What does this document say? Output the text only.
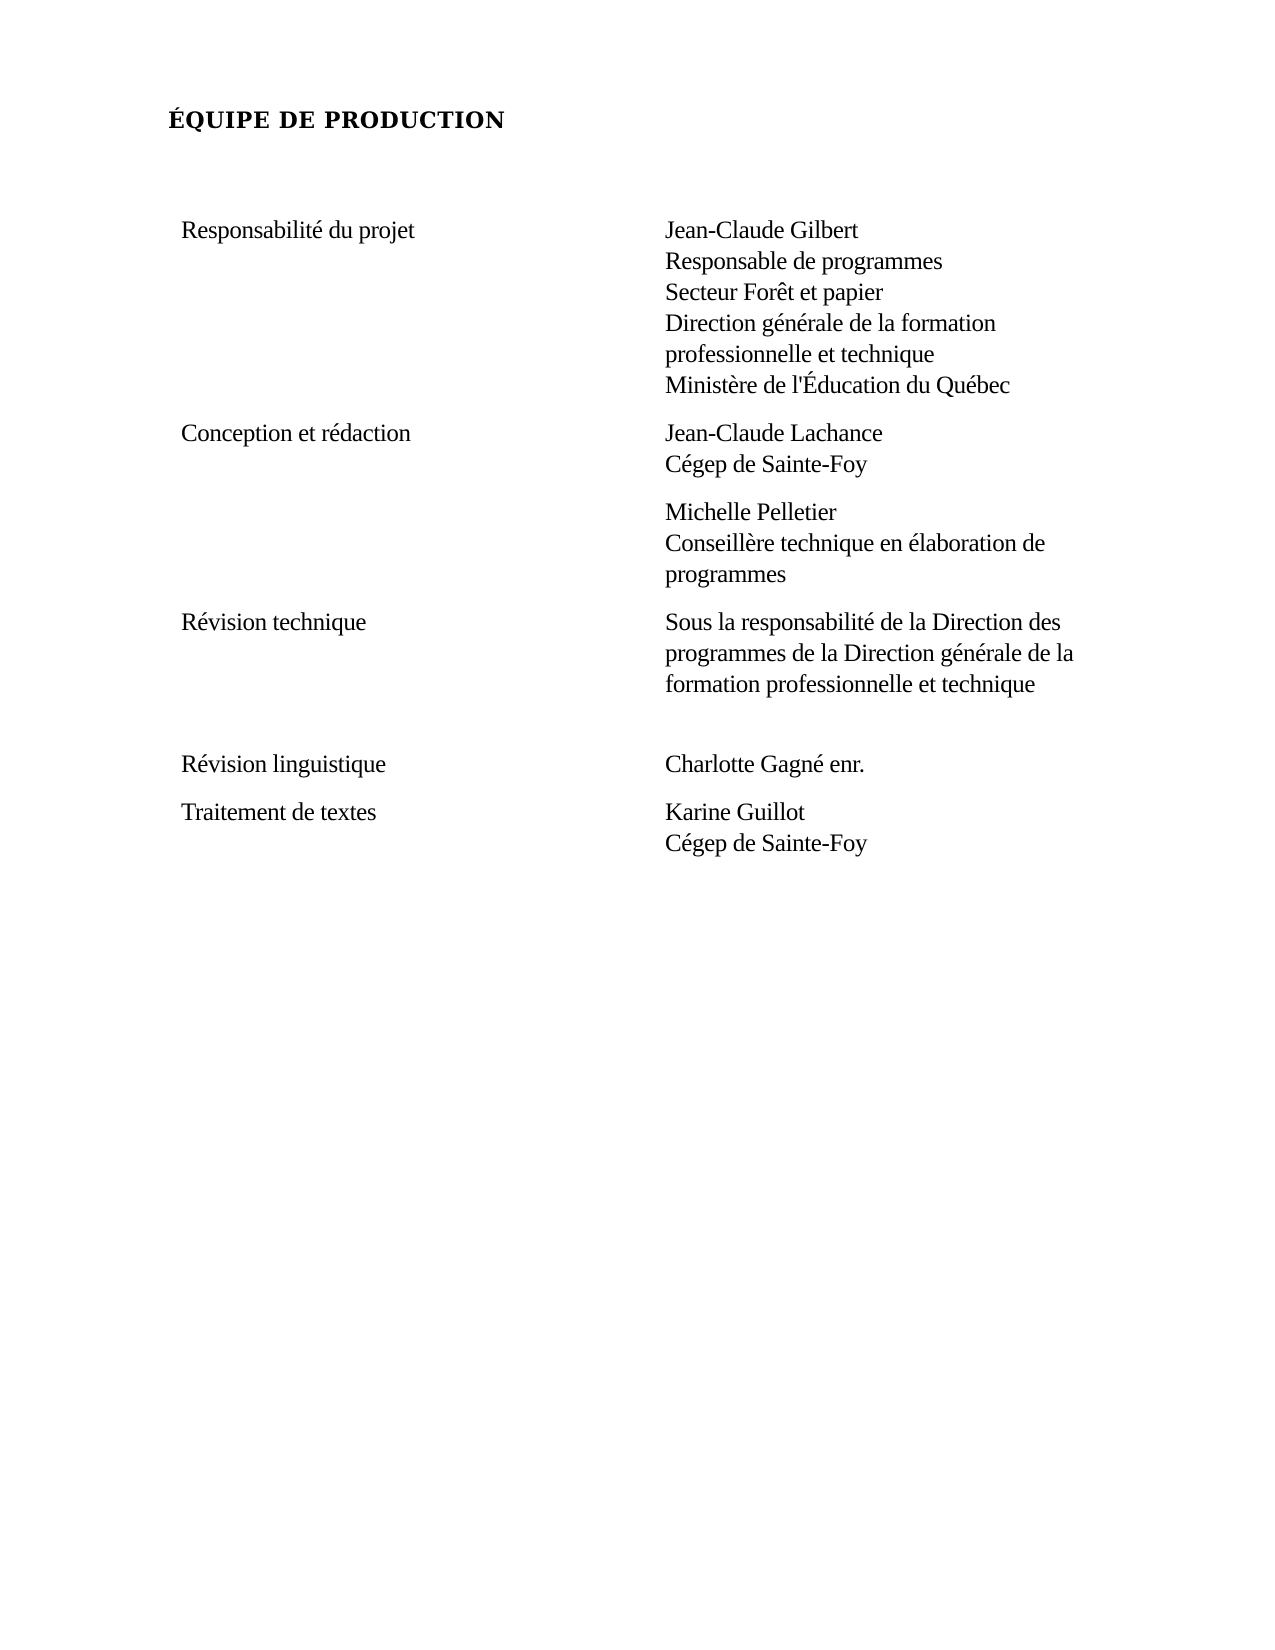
ÉQUIPE DE PRODUCTION
Responsabilité du projet	Jean-Claude Gilbert
Responsable de programmes
Secteur Forêt et papier
Direction générale de la formation
professionnelle et technique
Ministère de l'Éducation du Québec
Conception et rédaction	Jean-Claude Lachance
Cégep de Sainte-Foy
Michelle Pelletier
Conseillère technique en élaboration de
programmes
Révision technique	Sous la responsabilité de la Direction des
programmes de la Direction générale de la
formation professionnelle et technique
Révision linguistique	Charlotte Gagné enr.
Traitement de textes	Karine Guillot
Cégep de Sainte-Foy
